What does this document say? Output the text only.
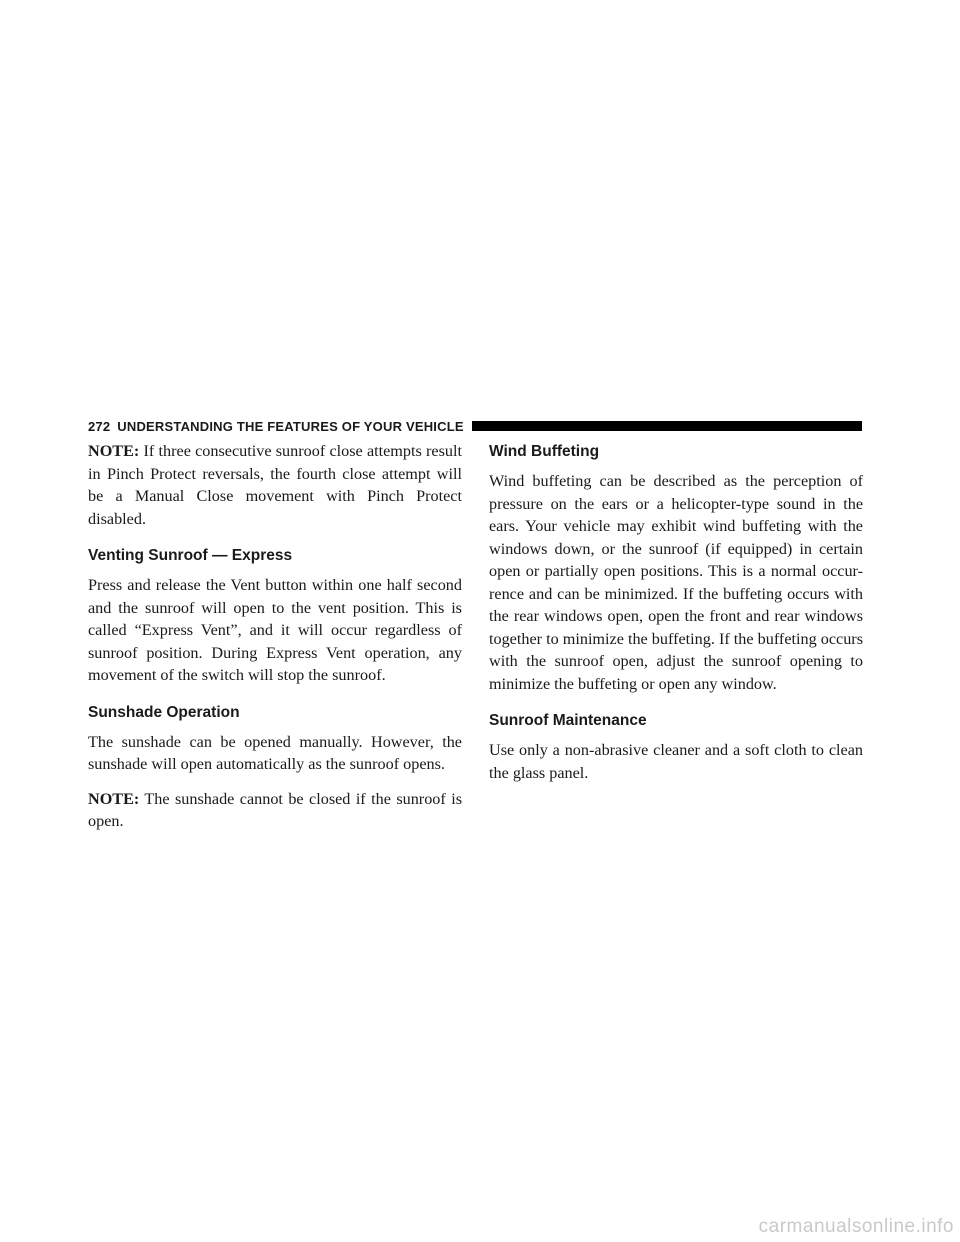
272 UNDERSTANDING THE FEATURES OF YOUR VEHICLE

NOTE: If three consecutive sunroof close attempts result in Pinch Protect reversals, the fourth close attempt will be a Manual Close movement with Pinch Protect disabled.

Venting Sunroof — Express

Press and release the Vent button within one half second and the sunroof will open to the vent position. This is called “Express Vent”, and it will occur regardless of sunroof position. During Express Vent operation, any movement of the switch will stop the sunroof.

Sunshade Operation

The sunshade can be opened manually. However, the sunshade will open automatically as the sunroof opens.

NOTE: The sunshade cannot be closed if the sunroof is open.

Wind Buffeting

Wind buffeting can be described as the perception of pressure on the ears or a helicopter-type sound in the ears. Your vehicle may exhibit wind buffeting with the windows down, or the sunroof (if equipped) in certain open or partially open positions. This is a normal occur-rence and can be minimized. If the buffeting occurs with the rear windows open, open the front and rear windows together to minimize the buffeting. If the buffeting occurs with the sunroof open, adjust the sunroof opening to minimize the buffeting or open any window.

Sunroof Maintenance

Use only a non-abrasive cleaner and a soft cloth to clean the glass panel.

carmanualsonline.info
